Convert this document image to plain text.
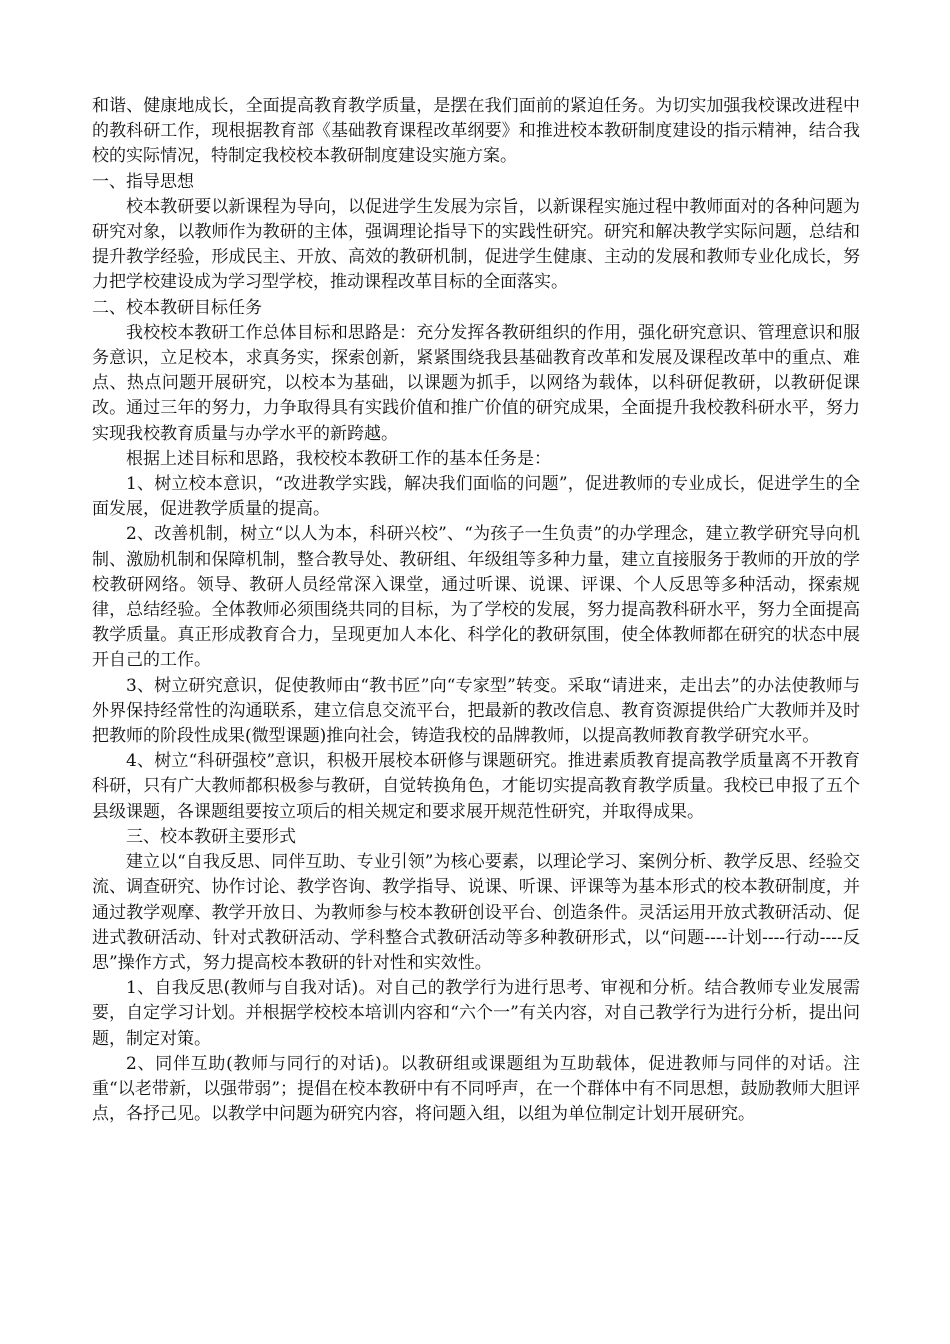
和谐、健康地成长，全面提高教育教学质量，是摆在我们面前的紧迫任务。为切实加强我校课改进程中的教科研工作，现根据教育部《基础教育课程改革纲要》和推进校本教研制度建设的指示精神，结合我校的实际情况，特制定我校校本教研制度建设实施方案。

一、指导思想

校本教研要以新课程为导向，以促进学生发展为宗旨，以新课程实施过程中教师面对的各种问题为研究对象，以教师作为教研的主体，强调理论指导下的实践性研究。研究和解决教学实际问题，总结和提升教学经验，形成民主、开放、高效的教研机制，促进学生健康、主动的发展和教师专业化成长，努力把学校建设成为学习型学校，推动课程改革目标的全面落实。

二、校本教研目标任务

我校校本教研工作总体目标和思路是：充分发挥各教研组织的作用，强化研究意识、管理意识和服务意识，立足校本，求真务实，探索创新，紧紧围绕我县基础教育改革和发展及课程改革中的重点、难点、热点问题开展研究，以校本为基础，以课题为抓手，以网络为载体，以科研促教研，以教研促课改。通过三年的努力，力争取得具有实践价值和推广价值的研究成果，全面提升我校教科研水平，努力实现我校教育质量与办学水平的新跨越。

根据上述目标和思路，我校校本教研工作的基本任务是：

1、树立校本意识，“改进教学实践，解决我们面临的问题”，促进教师的专业成长，促进学生的全面发展，促进教学质量的提高。

2、改善机制，树立“以人为本，科研兴校”、“为孩子一生负责”的办学理念，建立教学研究导向机制、激励机制和保障机制，整合教导处、教研组、年级组等多种力量，建立直接服务于教师的开放的学校教研网络。领导、教研人员经常深入课堂，通过听课、说课、评课、个人反思等多种活动，探索规律，总结经验。全体教师必须围绕共同的目标，为了学校的发展，努力提高教科研水平，努力全面提高教学质量。真正形成教育合力，呈现更加人本化、科学化的教研氛围，使全体教师都在研究的状态中展开自己的工作。

3、树立研究意识，促使教师由“教书匠”向“专家型”转变。采取“请进来，走出去”的办法使教师与外界保持经常性的沟通联系，建立信息交流平台，把最新的教改信息、教育资源提供给广大教师并及时把教师的阶段性成果(微型课题)推向社会，铸造我校的品牌教师，以提高教师教育教学研究水平。

4、树立“科研强校”意识，积极开展校本研修与课题研究。推进素质教育提高教学质量离不开教育科研，只有广大教师都积极参与教研，自觉转换角色，才能切实提高教育教学质量。我校已申报了五个县级课题，各课题组要按立项后的相关规定和要求展开规范性研究，并取得成果。

三、校本教研主要形式

建立以“自我反思、同伴互助、专业引领”为核心要素，以理论学习、案例分析、教学反思、经验交流、调查研究、协作讨论、教学咨询、教学指导、说课、听课、评课等为基本形式的校本教研制度，并通过教学观摩、教学开放日、为教师参与校本教研创设平台、创造条件。灵活运用开放式教研活动、促进式教研活动、针对式教研活动、学科整合式教研活动等多种教研形式，以“问题----计划----行动----反思”操作方式，努力提高校本教研的针对性和实效性。

1、自我反思(教师与自我对话)。对自己的教学行为进行思考、审视和分析。结合教师专业发展需要，自定学习计划。并根据学校校本培训内容和“六个一”有关内容，对自己教学行为进行分析，提出问题，制定对策。

2、同伴互助(教师与同行的对话)。以教研组或课题组为互助载体，促进教师与同伴的对话。注重“以老带新，以强带弱”；提倡在校本教研中有不同呼声，在一个群体中有不同思想，鼓励教师大胆评点，各抒己见。以教学中问题为研究内容，将问题入组，以组为单位制定计划开展研究。
